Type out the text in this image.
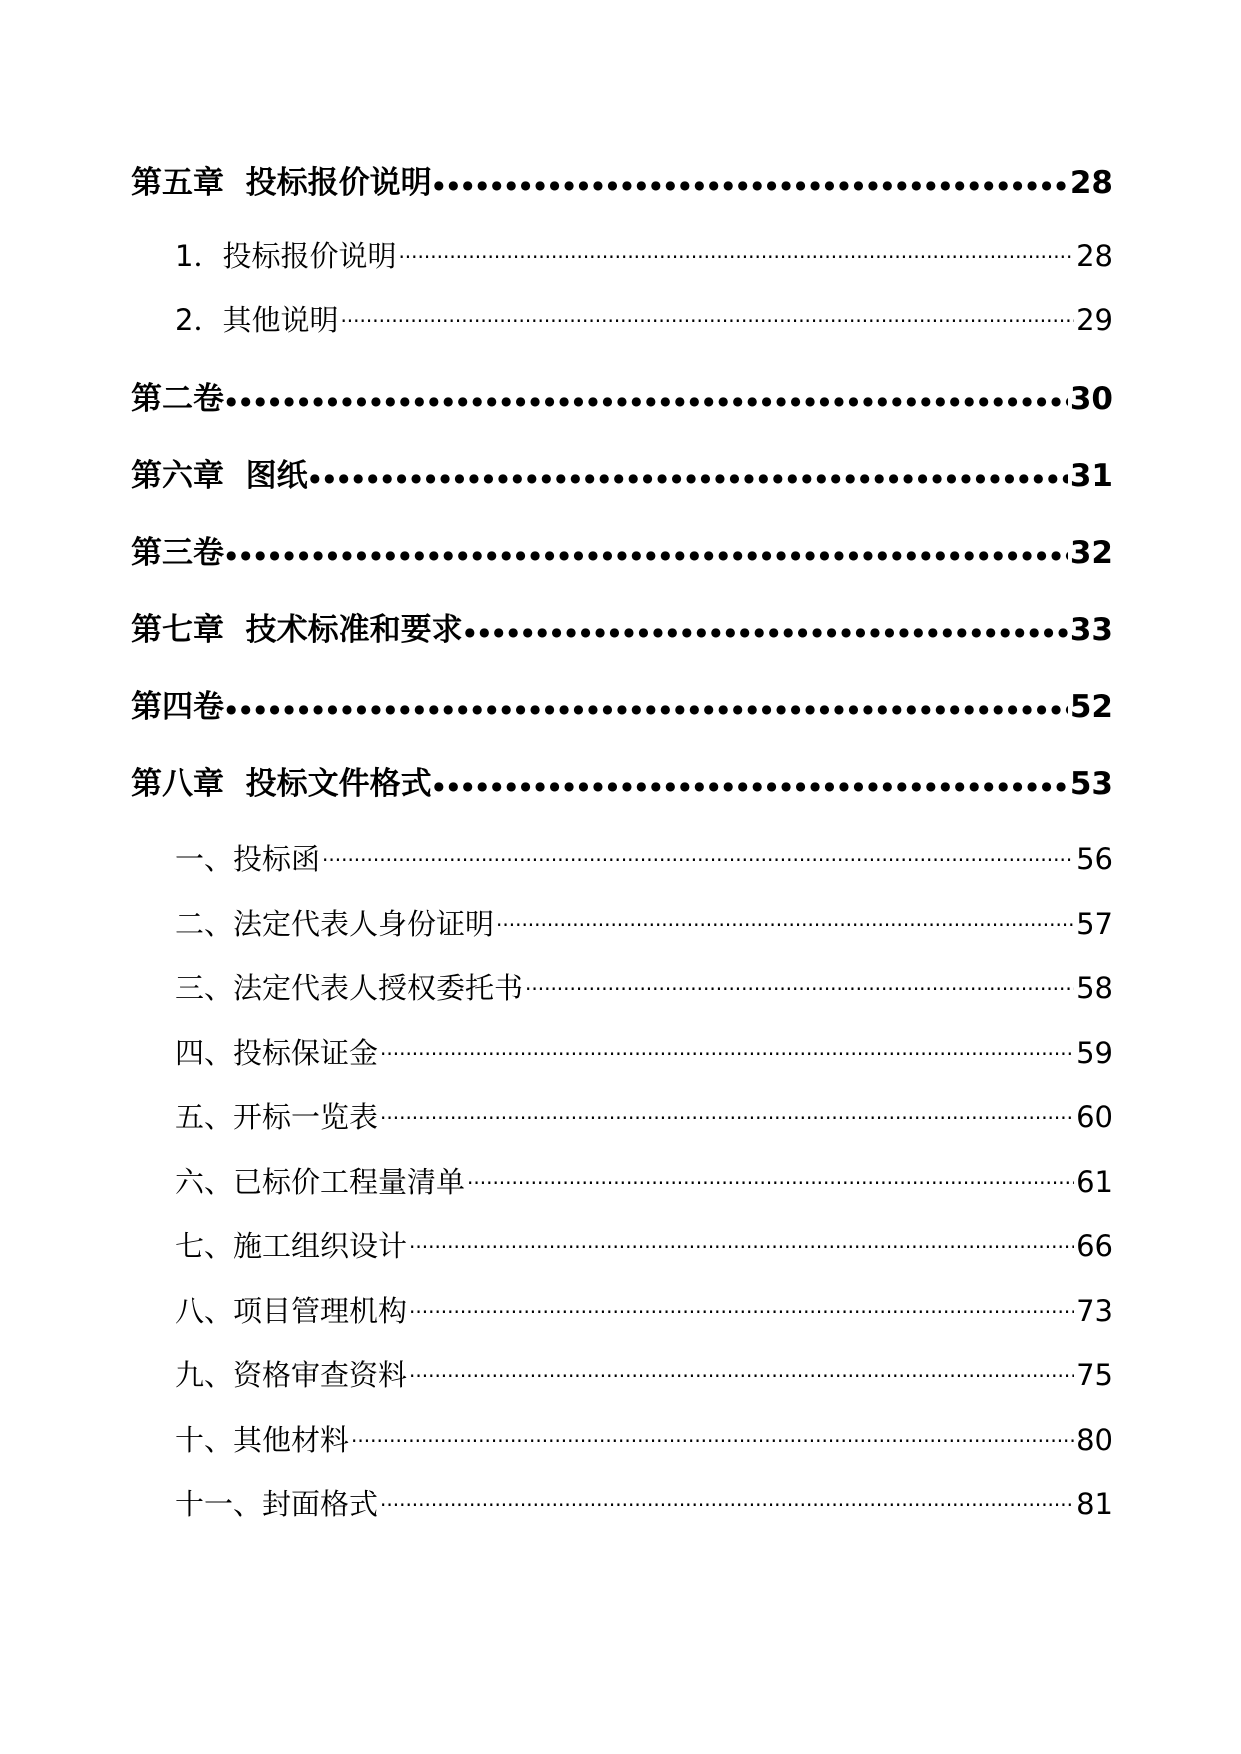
第五章  投标报价说明 ●●●●●●●●●●●●●●●●●●●●●●●●●●●●●●●●●●●●●●●●●●●●●●●●●●●●●●●●●●●●●●●●●●●●●●●●●●●●●●●●●●●●●●●●●●●●●	28
1．投标报价说明 ·····	28
2．其他说明 ·····	29
第二卷 ●●●●●●●●●●●●●●●●●●●●●●●●●●●●●●●●●●●●●●●●●●●●●●●●●●●●●●●●●●●●●●●●●●●●●●●●●●●●●●●●●●●●●●●●●●●●●	30
第六章  图纸 ●●●●●●●●●●●●●●●●●●●●●●●●●●●●●●●●●●●●●●●●●●●●●●●●●●●●●●●●●●●●●●●●●●●●●●●●●●●●●●●●●●●●●●●●●●●●●	31
第三卷 ●●●●●●●●●●●●●●●●●●●●●●●●●●●●●●●●●●●●●●●●●●●●●●●●●●●●●●●●●●●●●●●●●●●●●●●●●●●●●●●●●●●●●●●●●●●●●	32
第七章  技术标准和要求 ●●●●●●●●●●●●●●●●●●●●●●●●●●●●●●●●●●●●●●●●●●●●●●●●●●●●●●●●●●●●●●●●●●●●●●●●●●●●●●●●●●●●●●●●●●●●●	33
第四卷 ●●●●●●●●●●●●●●●●●●●●●●●●●●●●●●●●●●●●●●●●●●●●●●●●●●●●●●●●●●●●●●●●●●●●●●●●●●●●●●●●●●●●●●●●●●●●●	52
第八章  投标文件格式 ●●●●●●●●●●●●●●●●●●●●●●●●●●●●●●●●●●●●●●●●●●●●●●●●●●●●●●●●●●●●●●●●●●●●●●●●●●●●●●●●●●●●●●●●●●●●●	53
一、投标函 ·····	56
二、法定代表人身份证明 ·····	57
三、法定代表人授权委托书 ·····	58
四、投标保证金 ·····	59
五、开标一览表 ·····	60
六、已标价工程量清单 ·····	61
七、施工组织设计 ·····	66
八、项目管理机构 ·····	73
九、资格审查资料 ·····	75
十、其他材料 ·····	80
十一、封面格式 ·····	81
